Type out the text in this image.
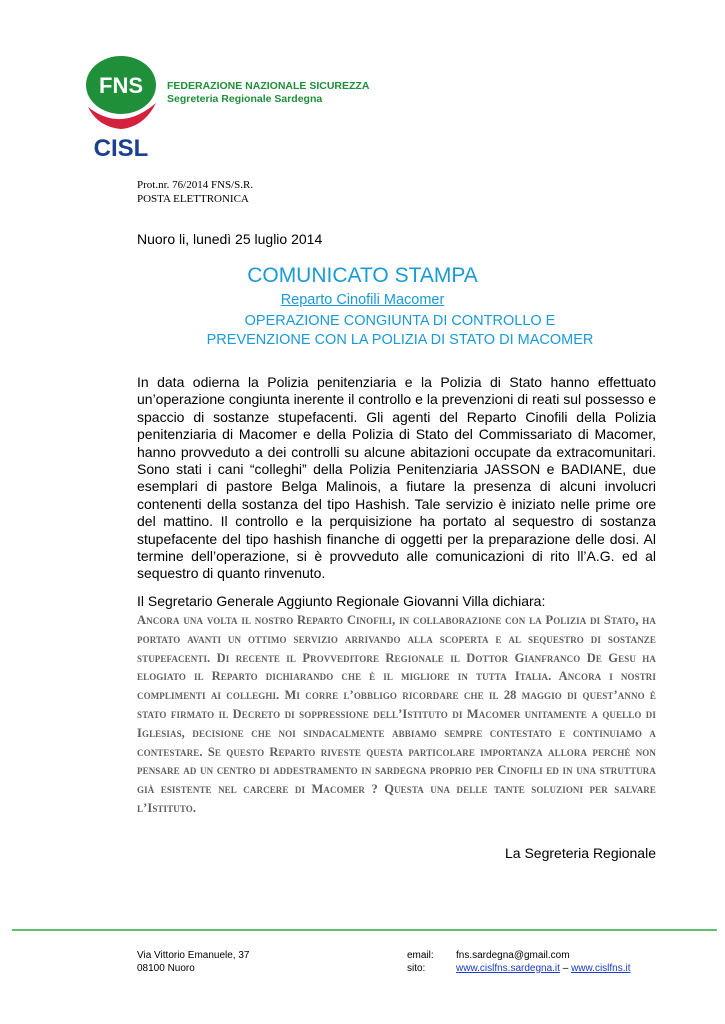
FNS
CISL
FEDERAZIONE NAZIONALE SICUREZZA
Segreteria Regionale Sardegna
Prot.nr. 76/2014 FNS/S.R.
POSTA ELETTRONICA
Nuoro li, lunedì 25 luglio 2014
COMUNICATO STAMPA
Reparto Cinofili Macomer
OPERAZIONE CONGIUNTA DI CONTROLLO E
PREVENZIONE CON LA POLIZIA DI STATO DI MACOMER
In data odierna la Polizia penitenziaria e la Polizia di Stato hanno effettuato un’operazione congiunta inerente il controllo e la prevenzioni di reati sul possesso e spaccio di sostanze stupefacenti. Gli agenti del Reparto Cinofili della Polizia penitenziaria di Macomer e della Polizia di Stato del Commissariato di Macomer, hanno provveduto a dei controlli su alcune abitazioni occupate da extracomunitari. Sono stati i cani “colleghi” della Polizia Penitenziaria JASSON e BADIANE, due esemplari di pastore Belga Malinois, a fiutare la presenza di alcuni involucri contenenti della sostanza del tipo Hashish. Tale servizio è iniziato nelle prime ore del mattino. Il controllo e la perquisizione ha portato al sequestro di sostanza stupefacente del tipo hashish finanche di oggetti per la preparazione delle dosi. Al termine dell’operazione, si è provveduto alle comunicazioni di rito ll’A.G. ed al sequestro di quanto rinvenuto.
Il Segretario Generale Aggiunto Regionale Giovanni Villa dichiara:
Ancora una volta il nostro Reparto Cinofili, in collaborazione con la Polizia di Stato, ha portato avanti un ottimo servizio arrivando alla scoperta e al sequestro di sostanze stupefacenti. Di recente il Provveditore Regionale il Dottor Gianfranco De Gesu ha elogiato il Reparto dichiarando che è il migliore in tutta Italia. Ancora i nostri complimenti ai colleghi. Mi corre l’obbligo ricordare che il 28 maggio di quest’anno è stato firmato il Decreto di soppressione dell’Istituto di Macomer unitamente a quello di Iglesias, decisione che noi sindacalmente abbiamo sempre contestato e continuiamo a contestare. Se questo Reparto riveste questa particolare importanza allora perché non pensare ad un centro di addestramento in sardegna proprio per Cinofili ed in una struttura già esistente nel carcere di Macomer ? Questa una delle tante soluzioni per salvare l’Istituto.
La Segreteria Regionale
Via Vittorio Emanuele, 37
08100 Nuoro
email:
sito:
fns.sardegna@gmail.com
www.cislfns.sardegna.it – www.cislfns.it
